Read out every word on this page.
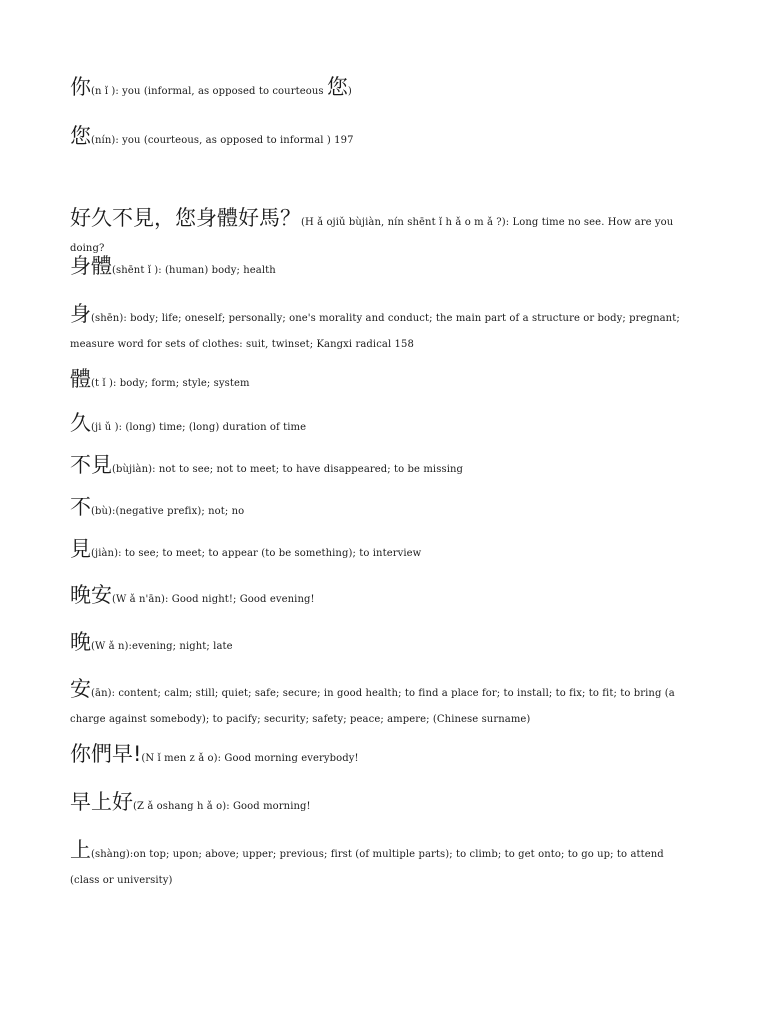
你(n ǐ ): you (informal, as opposed to courteous 您)
您(nín): you (courteous, as opposed to informal ) 197
好久不見，您身體好馬？(H ǎ ojiǔ bùjiàn, nín shēnt ǐ h ǎ o m ǎ ?): Long time no see. How are you doing?
身體(shēnt ǐ ): (human) body; health
身(shēn): body; life; oneself; personally; one's morality and conduct; the main part of a structure or body; pregnant; measure word for sets of clothes: suit, twinset; Kangxi radical 158
體(t ǐ ): body; form; style; system
久(ji ǔ ): (long) time; (long) duration of time
不見(bùjiàn): not to see; not to meet; to have disappeared; to be missing
不(bù):(negative prefix); not; no
見(jiàn): to see; to meet; to appear (to be something); to interview
晚安(W ǎ n'ān): Good night!; Good evening!
晚(W ǎ n):evening; night; late
安(ān): content; calm; still; quiet; safe; secure; in good health; to find a place for; to install; to fix; to fit; to bring (a charge against somebody); to pacify; security; safety; peace; ampere; (Chinese surname)
你們早!(N ǐ men z ǎ o): Good morning everybody!
早上好(Z ǎ oshang h ǎ o): Good morning!
上(shàng):on top; upon; above; upper; previous; first (of multiple parts); to climb; to get onto; to go up; to attend (class or university)
